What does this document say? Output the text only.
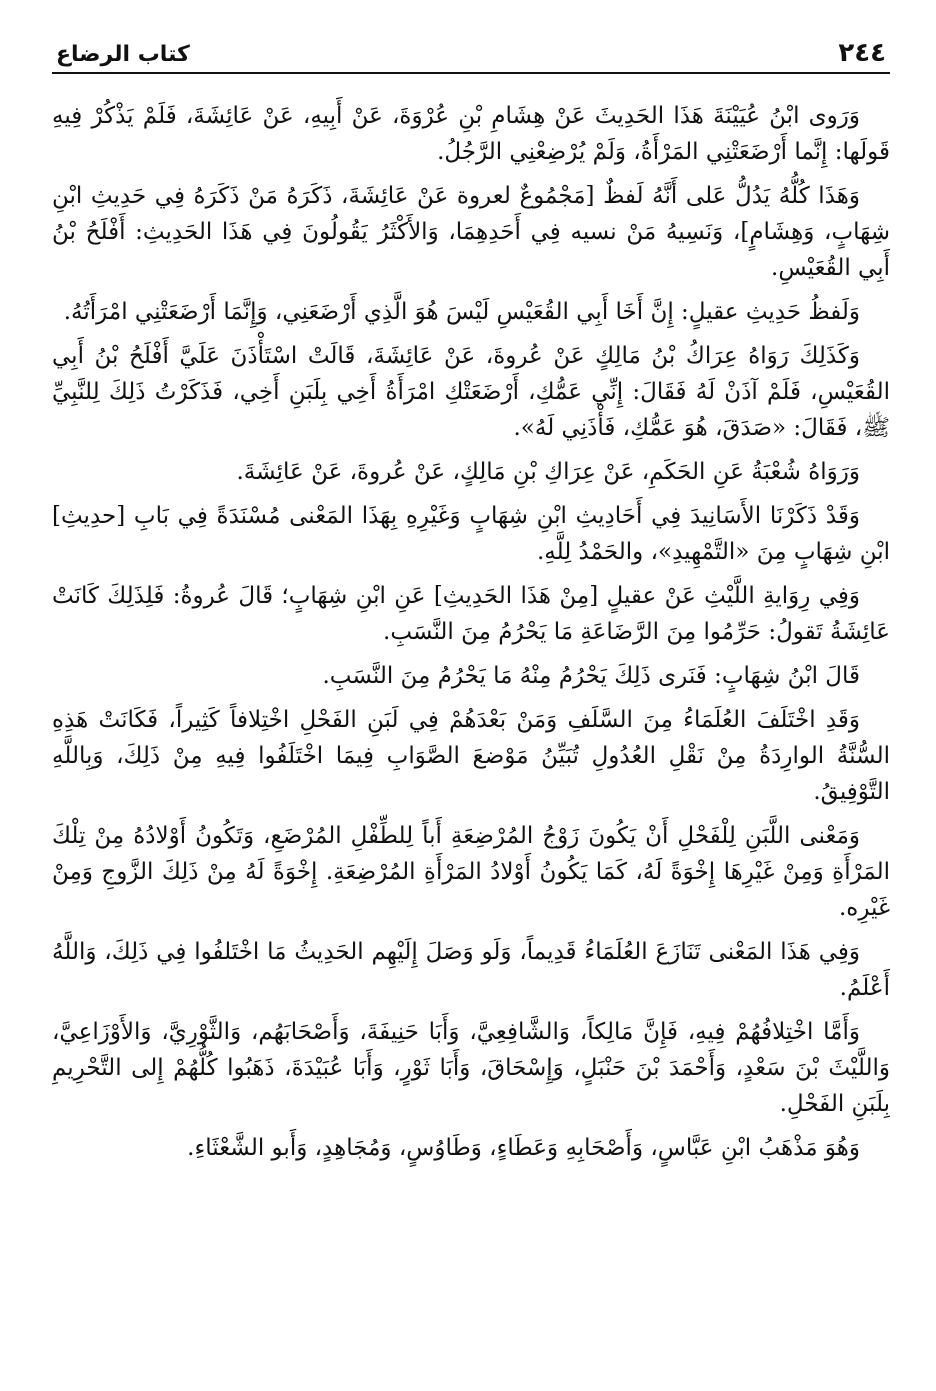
كتاب الرضاع	٢٤٤

وَرَوى ابْنُ عُيَيْنَةَ هَذَا الحَدِيثَ عَنْ هِشَامِ بْنِ عُرْوَةَ، عَنْ أَبِيهِ، عَنْ عَائِشَةَ، فَلَمْ يَذْكُرْ فِيهِ قَولَها: إِنَّما أَرْضَعَتْنِي المَرْأَةُ، وَلَمْ يُرْضِعْنِي الرَّجُلُ.

وَهَذَا كُلُّهُ يَدُلُّ عَلى أَنَّهُ لَفظٌ [مَجْمُوعٌ لعروة عَنْ عَائِشَةَ، ذَكَرَهُ مَنْ ذَكَرَهُ فِي حَدِيثِ ابْنِ شِهَابٍ، وَهِشَامٍ]، وَنَسِيهُ مَنْ نسيه فِي أَحَدِهِمَا، وَالأَكْثَرُ يَقُولُونَ فِي هَذَا الحَدِيثِ: أَفْلَحُ بْنُ أَبِي القُعَيْسِ.

وَلَفظُ حَدِيثِ عقيلٍ: إِنَّ أَخَا أَبِي القُعَيْسِ لَيْسَ هُوَ الَّذِي أَرْضَعَنِي، وَإِنَّمَا أَرْضَعَتْنِي امْرَأَتُهُ.

وَكَذَلِكَ رَوَاهُ عِرَاكُ بْنُ مَالِكٍ عَنْ عُروةَ، عَنْ عَائِشَةَ، قَالَتْ اسْتَأْذَنَ عَلَيَّ أَفْلَحُ بْنُ أَبِي القُعَيْسِ، فَلَمْ آذَنْ لَهُ فَقَالَ: إِنِّي عَمُّكِ، أَرْضَعَتْكِ امْرَأَةُ أَخِي بِلَبَنِ أَخِي، فَذَكَرْتُ ذَلِكَ لِلنَّبِيِّ ﷺ، فَقَالَ: «صَدَقَ، هُوَ عَمُّكِ، فَأْذَنِي لَهُ».

وَرَوَاهُ شُعْبَةُ عَنِ الحَكَمِ، عَنْ عِرَاكِ بْنِ مَالِكٍ، عَنْ عُروةَ، عَنْ عَائِشَةَ.

وَقَدْ ذَكَرْنَا الأَسَانِيدَ فِي أَحَادِيثِ ابْنِ شِهَابٍ وَغَيْرِهِ بِهَذَا المَعْنى مُسْنَدَةً فِي بَابِ [حدِيثِ] ابْنِ شِهَابٍ مِنَ «التَّمْهِيدِ»، والحَمْدُ لِلَّهِ.

وَفِي رِوَايةِ اللَّيْثِ عَنْ عقيلٍ [مِنْ هَذَا الحَدِيثِ] عَنِ ابْنِ شِهَابٍ؛ قَالَ عُروةُ: فَلِذَلِكَ كَانَتْ عَائِشَةُ تَقولُ: حَرِّمُوا مِنَ الرَّضَاعَةِ مَا يَحْرُمُ مِنَ النَّسَبِ.

قَالَ ابْنُ شِهَابٍ: فَنَرى ذَلِكَ يَحْرُمُ مِنْهُ مَا يَحْرُمُ مِنَ النَّسَبِ.

وَقَدِ اخْتَلَفَ العُلَمَاءُ مِنَ السَّلَفِ وَمَنْ بَعْدَهُمْ فِي لَبَنِ الفَحْلِ اخْتِلافاً كَثِيراً، فَكَانَتْ هَذِهِ السُّنَّةُ الوارِدَةُ مِنْ نَقْلِ العُدُولِ تُبَيِّنُ مَوْضعَ الصَّوَابِ فِيمَا اخْتَلَفُوا فِيهِ مِنْ ذَلِكَ، وَبِاللَّهِ التَّوْفِيقُ.

وَمَعْنى اللَّبَنِ لِلْفَحْلِ أَنْ يَكُونَ زَوْجُ المُرْضِعَةِ أَباً لِلطِّفْلِ المُرْضَعِ، وَتَكُونُ أَوْلادُهُ مِنْ تِلْكَ المَرْأَةِ وَمِنْ غَيْرِهَا إِخْوَةً لَهُ، كَمَا يَكُونُ أَوْلادُ المَرْأَةِ المُرْضِعَةِ. إِخْوَةً لَهُ مِنْ ذَلِكَ الزَّوجِ وَمِنْ غَيْرِه.

وَفِي هَذَا المَعْنى تَنَازَعَ العُلَمَاءُ قَدِيماً، وَلَو وَصَلَ إِلَيْهِم الحَدِيثُ مَا اخْتَلفُوا فِي ذَلِكَ، وَاللَّهُ أَعْلَمُ.

وَأَمَّا اخْتِلافُهُمْ فِيهِ، فَإِنَّ مَالِكاً، وَالشَّافِعِيَّ، وَأَبَا حَنِيفَةَ، وَأَصْحَابَهُم، وَالثَّوْرِيَّ، وَالأَوْزَاعِيَّ، وَاللَّيْثَ بْنَ سَعْدٍ، وَأَحْمَدَ بْنَ حَنْبَلٍ، وَإِسْحَاقَ، وَأَبَا ثَوْرٍ، وَأَبَا عُبَيْدَةَ، ذَهَبُوا كُلُّهُمْ إِلى التَّحْرِيمِ بِلَبَنِ الفَحْلِ.

وَهُوَ مَذْهَبُ ابْنِ عَبَّاسٍ، وَأَصْحَابِهِ وَعَطَاءٍ، وَطَاوُسٍ، وَمُجَاهِدٍ، وَأَبو الشَّعْثَاءِ.
